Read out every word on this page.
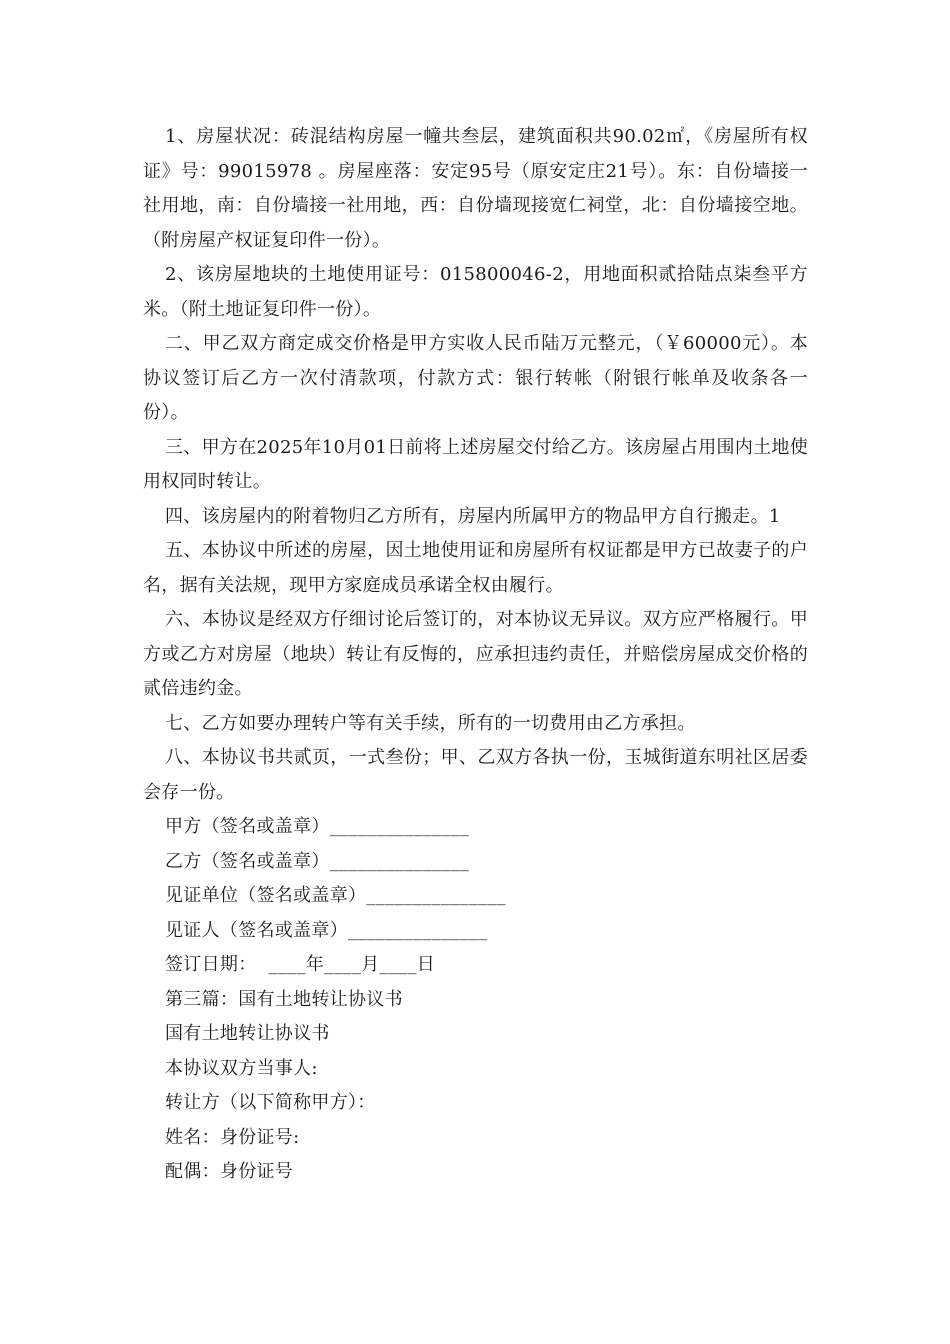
1、房屋状况：砖混结构房屋一幢共叁层，建筑面积共90.02㎡，《房屋所有权证》号：99015978 。房屋座落：安定95号（原安定庄21号）。东：自份墙接一社用地，南：自份墙接一社用地，西：自份墙现接宽仁祠堂，北：自份墙接空地。（附房屋产权证复印件一份）。

2、该房屋地块的土地使用证号：015800046-2，用地面积贰拾陆点柒叁平方米。（附土地证复印件一份）。

二、甲乙双方商定成交价格是甲方实收人民币陆万元整元，（￥60000元）。本协议签订后乙方一次付清款项，付款方式：银行转帐（附银行帐单及收条各一份）。

三、甲方在2025年10月01日前将上述房屋交付给乙方。该房屋占用围内土地使用权同时转让。

四、该房屋内的附着物归乙方所有，房屋内所属甲方的物品甲方自行搬走。1

五、本协议中所述的房屋，因土地使用证和房屋所有权证都是甲方已故妻子的户名，据有关法规，现甲方家庭成员承诺全权由履行。

六、本协议是经双方仔细讨论后签订的，对本协议无异议。双方应严格履行。甲方或乙方对房屋（地块）转让有反悔的，应承担违约责任，并赔偿房屋成交价格的贰倍违约金。

七、乙方如要办理转户等有关手续，所有的一切费用由乙方承担。

八、本协议书共贰页，一式叁份；甲、乙双方各执一份，玉城街道东明社区居委会存一份。

甲方（签名或盖章）_______________

乙方（签名或盖章）_______________

见证单位（签名或盖章）_______________

见证人（签名或盖章）_______________

签订日期：  ____年____月____日

第三篇：国有土地转让协议书

国有土地转让协议书

本协议双方当事人:

转让方（以下简称甲方）：

姓名：身份证号:

配偶：身份证号
